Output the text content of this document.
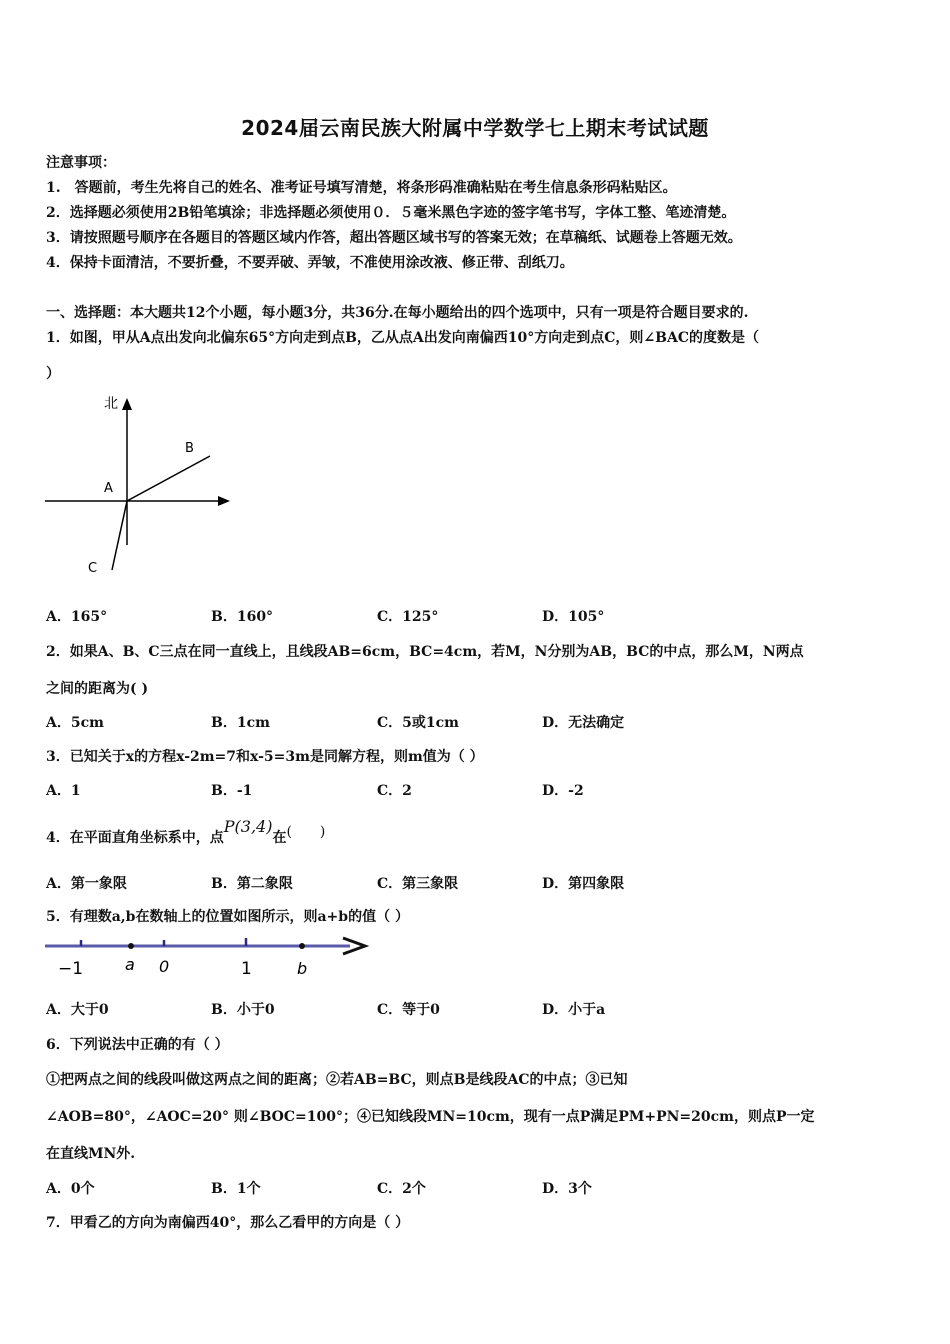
2024届云南民族大附属中学数学七上期末考试试题
注意事项：
1.　答题前，考生先将自己的姓名、准考证号填写清楚，将条形码准确粘贴在考生信息条形码粘贴区。
2．选择题必须使用2B铅笔填涂；非选择题必须使用０．５毫米黑色字迹的签字笔书写，字体工整、笔迹清楚。
3．请按照题号顺序在各题目的答题区域内作答，超出答题区域书写的答案无效；在草稿纸、试题卷上答题无效。
4．保持卡面清洁，不要折叠，不要弄破、弄皱，不准使用涂改液、修正带、刮纸刀。
一、选择题：本大题共12个小题，每小题3分，共36分.在每小题给出的四个选项中，只有一项是符合题目要求的.
1．如图，甲从A点出发向北偏东65°方向走到点B，乙从点A出发向南偏西10°方向走到点C，则∠BAC的度数是（
）
北
B
A
C
A．165°	B．160°	C．125°	D．105°
2．如果A、B、C三点在同一直线上，且线段AB=6cm，BC=4cm，若M，N分别为AB，BC的中点，那么M，N两点
之间的距离为( )
A．5cm	B．1cm	C．5或1cm	D．无法确定
3．已知关于x的方程x-2m=7和x-5=3m是同解方程，则m值为（ ）
A．1	B．-1	C．2	D．-2
4．在平面直角坐标系中，点P(3,4)在(　　)
A．第一象限	B．第二象限	C．第三象限	D．第四象限
5．有理数a,b在数轴上的位置如图所示，则a+b的值（ ）
−1	a 0	1	b
A．大于0	B．小于0	C．等于0	D．小于a
6．下列说法中正确的有（ ）
①把两点之间的线段叫做这两点之间的距离；②若AB=BC，则点B是线段AC的中点；③已知
∠AOB=80°，∠AOC=20° 则∠BOC=100°；④已知线段MN=10cm，现有一点P满足PM+PN=20cm，则点P一定
在直线MN外.
A．0个	B．1个	C．2个	D．3个
7．甲看乙的方向为南偏西40°，那么乙看甲的方向是（ ）
